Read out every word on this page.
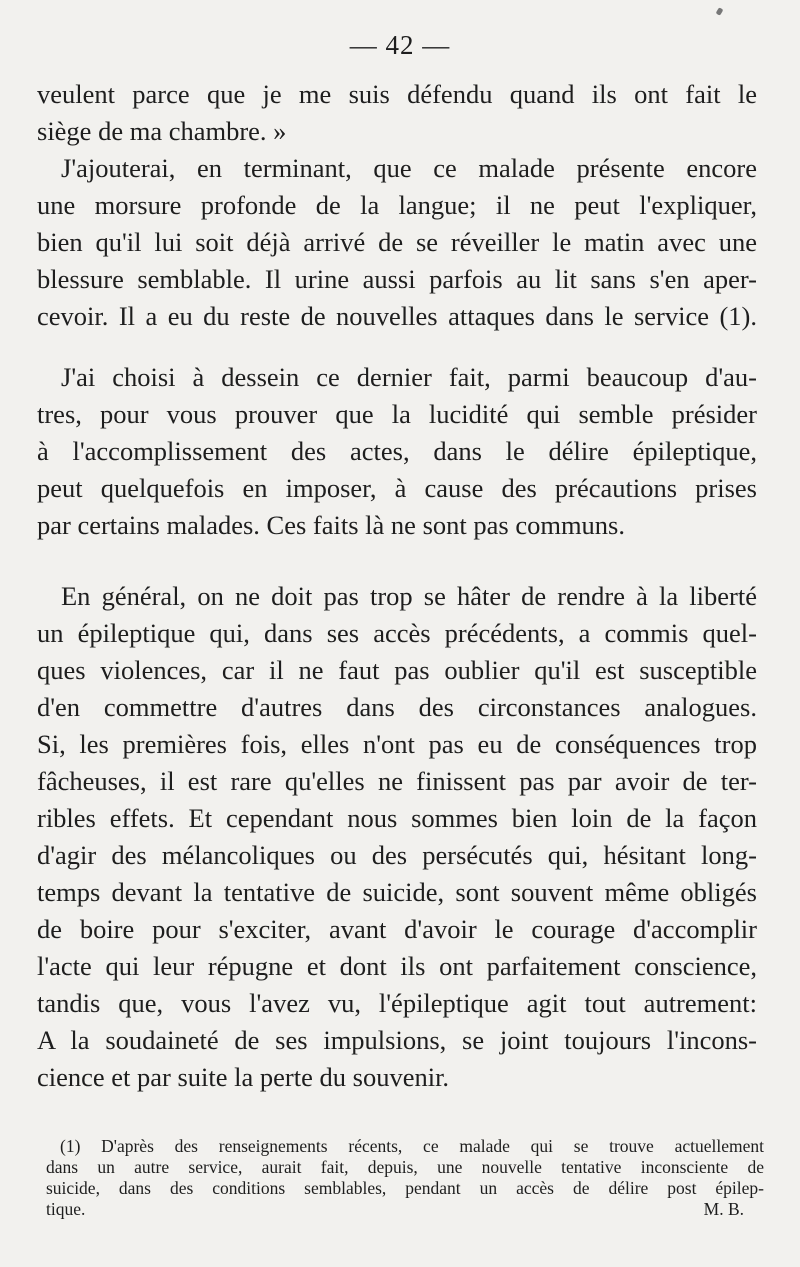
— 42 —
veulent parce que je me suis défendu quand ils ont fait le
siège de ma chambre. »
J'ajouterai, en terminant, que ce malade présente encore
une morsure profonde de la langue; il ne peut l'expliquer,
bien qu'il lui soit déjà arrivé de se réveiller le matin avec une
blessure semblable. Il urine aussi parfois au lit sans s'en aper-
cevoir. Il a eu du reste de nouvelles attaques dans le service (1).
J'ai choisi à dessein ce dernier fait, parmi beaucoup d'au-
tres, pour vous prouver que la lucidité qui semble présider
à l'accomplissement des actes, dans le délire épileptique,
peut quelquefois en imposer, à cause des précautions prises
par certains malades. Ces faits là ne sont pas communs.
En général, on ne doit pas trop se hâter de rendre à la liberté
un épileptique qui, dans ses accès précédents, a commis quel-
ques violences, car il ne faut pas oublier qu'il est susceptible
d'en commettre d'autres dans des circonstances analogues.
Si, les premières fois, elles n'ont pas eu de conséquences trop
fâcheuses, il est rare qu'elles ne finissent pas par avoir de ter-
ribles effets. Et cependant nous sommes bien loin de la façon
d'agir des mélancoliques ou des persécutés qui, hésitant long-
temps devant la tentative de suicide, sont souvent même obligés
de boire pour s'exciter, avant d'avoir le courage d'accomplir
l'acte qui leur répugne et dont ils ont parfaitement conscience,
tandis que, vous l'avez vu, l'épileptique agit tout autrement:
A la soudaineté de ses impulsions, se joint toujours l'incons-
cience et par suite la perte du souvenir.
(1) D'après des renseignements récents, ce malade qui se trouve actuellement
dans un autre service, aurait fait, depuis, une nouvelle tentative inconsciente de
suicide, dans des conditions semblables, pendant un accès de délire post épilep-
tique.	M. B.
